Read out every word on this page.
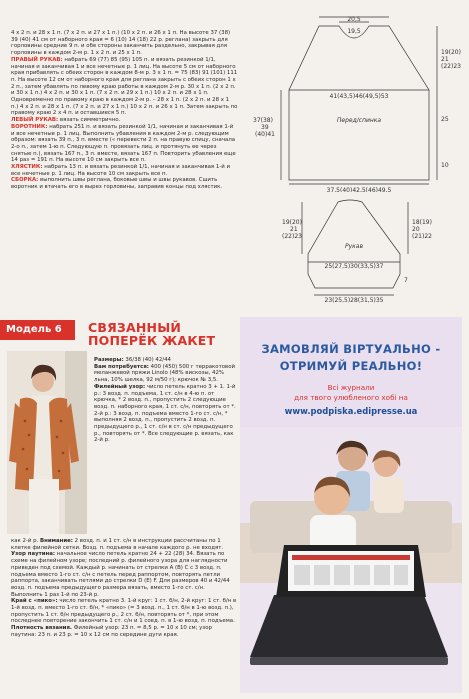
4 x 2 п. и 28 x 1 п. (7 x 2 п. и 27 x 1 п.) (10 x 2 п. и 26 x 1 п. На высоте 37 (38) 39 (40) 41 см от наборного края = 6 (10) 14 (18) 22 р. реглана) закрыть для горловины средние 9 п. и обе стороны заканчить раздельно, закрывая для горловины в каждом 2-м р. 1 x 2 п. и 25 x 1 п.

ПРАВЫЙ РУКАВ: набрать 69 (77) 85 (95) 105 п. и вязать резинкой 1/1, начиная и заканчивая 1 и все нечетные р. 1 лиц. На высоте 5 см от наборного края прибавлять с обеих сторон в каждом 8-м р. 3 x 1 п. = 75 (83) 91 (101) 111 п. На высоте 12 см от наборного края для реглана закрыть с обеих сторон 1 x 2 п., затем убавлять по левому краю работы в каждом 2-м р. 30 x 1 п. (2 x 2 п. и 30 x 1 п.) 4 x 2 п. и 30 x 1 п. (7 x 2 п. и 29 x 1 п.) 10 x 2 п. и 28 x 1 п. Одновременно по правому краю в каждом 2-м р. – 28 x 1 п. (2 x 2 п. и 28 x 1 п.) 4 x 2 п. и 28 x 1 п. (7 x 2 п. и 27 x 1 п.) 10 x 2 п. и 26 x 1 п. Затем закрыть по правому краю 2 x 4 п. и оставшиеся 5 п.

ЛЕВЫЙ РУКАВ: вязать симметрично.

ВОРОТНИК: набрать 251 п. и вязать резинкой 1/1, начиная и заканчивая 1-й и все нечетные р. 1 лиц. Выполнить убавления в каждом 2-м р. следующим образом: вязать 39 п., 3 п. вместе (« перевести 2 п. на правую спицу, сначала 2-о п., затем 1-ю п. Следующую п. провязать лиц. и протянуть ее через снятые п.), вязать 167 п., 3 п. вместе, вязать 167 п. Повторить убавления еще 14 раз = 191 п. На высоте 10 см закрыть все п.

ХЛЯСТИК: набрать 13 п. и вязать резинкой 1/1, начиная и заканчивая 1-й и все нечетные р. 1 лиц. На высоте 10 см закрыть все п.

СБОРКА: выполнить швы реглана, боковые швы и швы рукавов. Сшить воротник и втачать его в вырез горловины, заправив концы под хлястик.

20,5
19,5
19(20)
21
(22)23
41(43,5)46(49,5)53
Перед/спинка
37(38)
39
(40)41
25
10
37,5(40)42,5(46)49,5
19(20)
21
(22)23
18(19)
20
(21)22
Рукав
25(27,5)30(33,5)37
7
23(25,5)28(31,5)35
Модель 6	СВЯЗАННЫЙ ПОПЕРЁК ЖАКЕТ

Размеры: 36/38 (40) 42/44

Вам потребуется: 400 (450) 500 г терракотовой меланжевой пряжи Linolo (48% вискозы, 42% льна, 10% шелка, 92 м/50 г); крючок № 3,5.

Филейный узор: число петель кратно 3 + 1. 1-й р.: 3 возд. п. подъема, 1 ст. с/н в 4-ю п. от крючка, * 2 возд. п., пропустить 2 следующие возд. п. наборного края, 1 ст. с/н, повторять от *. 2-й р.: 3 возд. п. подъема вместо 1-го ст. с/н, * выполняя 2 возд. п., пропустить 2 возд. п. предыдущего р., 1 ст. с/н в ст. с/н предыдущего р., повторять от *. Все следующие р. вязать, как 2-й р.

как 2-й р. Внимание: 2 возд. п. и 1 ст. с/н в инструкции рассчитаны по 1 клетке филейной сетки. Возд. п. подъема в начале каждого р. не входят.

Узор паутина: начальное число петель кратно 24 + 22 (28) 34. Вязать по схеме на филейном узоре; последний р. филейного узора для наглядности приведен под схемой. Каждый р. начинать от стрелки А (В) С с 3 возд. п. подъема вместо 1-го ст. с/н с петель перед раппортом, повторять петли раппорта, заканчивать петлями до стрелки D (E) F. Для размеров 40 и 42/44 возд. п. подъема предыдущего размера вязать, вместо 1-го ст. с/н. Выполнить 1 раз 1-й по 23-й р.

Край с «пико»: число петель кратно 3. 1-й круг: 1 ст. б/н, 2-й круг: 1 ст. б/н в 1-й возд. п. вместо 1-го ст. б/н, * «пико» (= 3 возд. п., 1 ст. б/н в 1-ю возд. п.), пропустить 1 ст. б/н предыдущего р., 2 ст. б/н, повторять от *, при этом последнее повторение закончить 1 ст. с/н и 1 соед. п. в 1-ю возд. п. подъема.

Плотность вязания. Филейный узор: 23 п. = 8,5 р. = 10 х 10 см; узор паутина: 23 п. и 23 р. = 10 x 12 см по середине дуги края.

ЗАМОВЛЯЙ ВІРТУАЛЬНО -
ОТРИМУЙ РЕАЛЬНО!
Всі журнали
для твого улюбленого хобі на
www.podpiska.edipresse.ua
